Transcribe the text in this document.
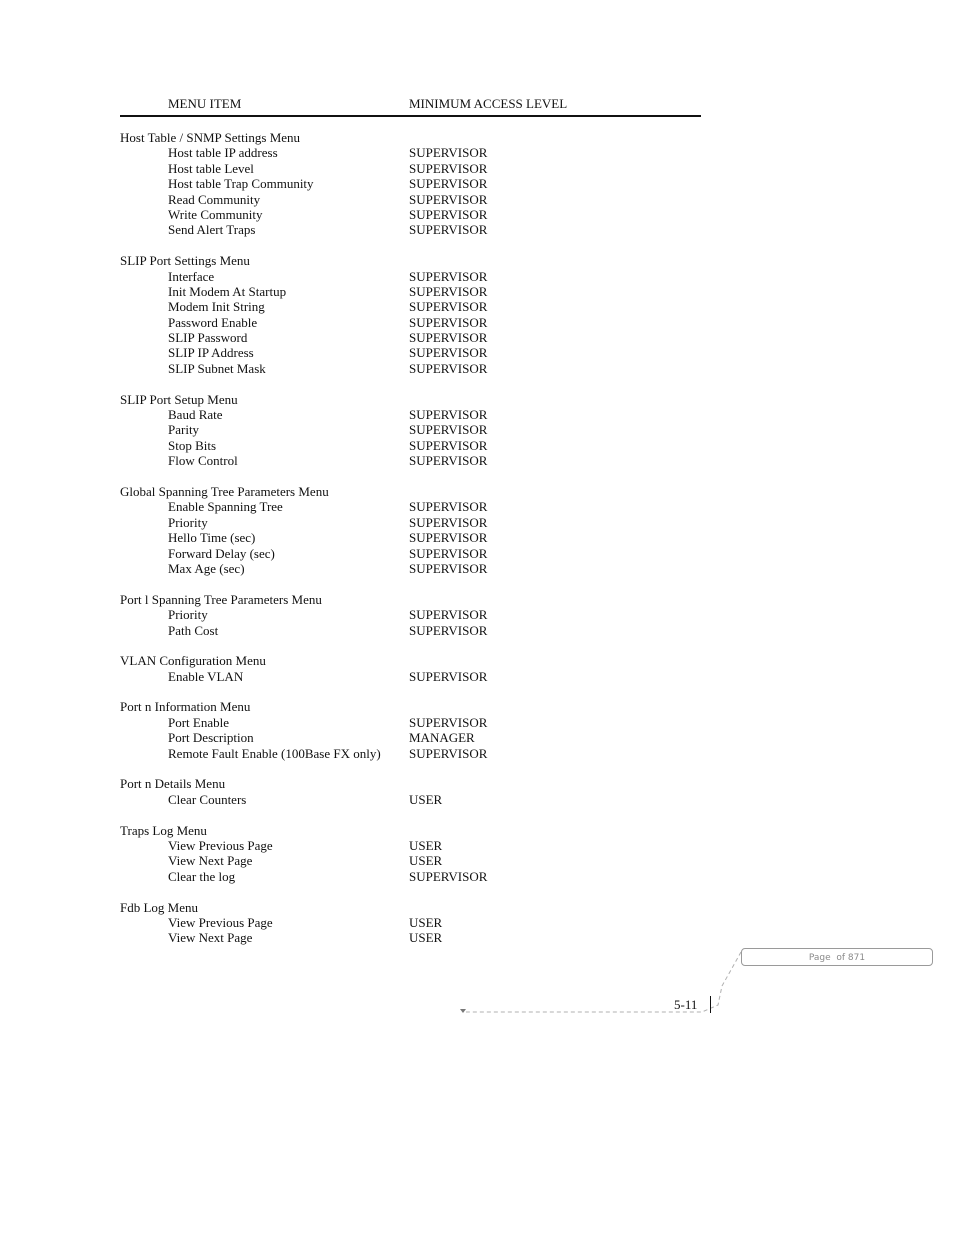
MENU ITEM	MINIMUM ACCESS LEVEL
Host Table / SNMP Settings Menu
Host table IP address	SUPERVISOR
Host table Level	SUPERVISOR
Host table Trap Community	SUPERVISOR
Read Community	SUPERVISOR
Write Community	SUPERVISOR
Send Alert Traps	SUPERVISOR
SLIP Port Settings Menu
Interface	SUPERVISOR
Init Modem At Startup	SUPERVISOR
Modem Init String	SUPERVISOR
Password Enable	SUPERVISOR
SLIP Password	SUPERVISOR
SLIP IP Address	SUPERVISOR
SLIP Subnet Mask	SUPERVISOR
SLIP Port Setup Menu
Baud Rate	SUPERVISOR
Parity	SUPERVISOR
Stop Bits	SUPERVISOR
Flow Control	SUPERVISOR
Global Spanning Tree Parameters Menu
Enable Spanning Tree	SUPERVISOR
Priority	SUPERVISOR
Hello Time (sec)	SUPERVISOR
Forward Delay (sec)	SUPERVISOR
Max Age (sec)	SUPERVISOR
Port l Spanning Tree Parameters Menu
Priority	SUPERVISOR
Path Cost	SUPERVISOR
VLAN Configuration Menu
Enable VLAN	SUPERVISOR
Port n Information Menu
Port Enable	SUPERVISOR
Port Description	MANAGER
Remote Fault Enable (100Base FX only) SUPERVISOR
Port n Details Menu
Clear Counters	USER
Traps Log Menu
View Previous Page	USER
View Next Page	USER
Clear the log	SUPERVISOR
Fdb Log Menu
View Previous Page	USER
View Next Page	USER
Page  of 871
5-11
